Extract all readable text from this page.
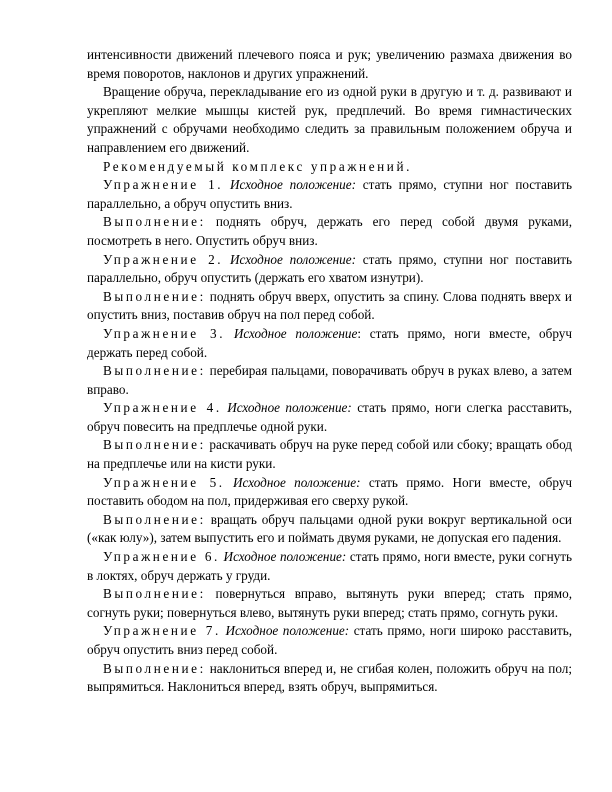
интенсивности движений плечевого пояса и рук; увеличению размаха движения во время поворотов, наклонов и других упражнений.

Вращение обруча, перекладывание его из одной руки в другую и т. д. развивают и укрепляют мелкие мышцы кистей рук, предплечий. Во время гимнастических упражнений с обручами необходимо следить за правильным положением обруча и направлением его движений.

Рекомендуемый комплекс упражнений.

Упражнение 1. Исходное положение: стать прямо, ступни ног поставить параллельно, а обруч опустить вниз.

Выполнение: поднять обруч, держать его перед собой двумя руками, посмотреть в него. Опустить обруч вниз.

Упражнение 2. Исходное положение: стать прямо, ступни ног поставить параллельно, обруч опустить (держать его хватом изнутри).

Выполнение: поднять обруч вверх, опустить за спину. Слова поднять вверх и опустить вниз, поставив обруч на пол перед собой.

Упражнение 3. Исходное положение: стать прямо, ноги вместе, обруч держать перед собой.

Выполнение: перебирая пальцами, поворачивать обруч в руках влево, а затем вправо.

Упражнение 4. Исходное положение: стать прямо, ноги слегка расставить, обруч повесить на предплечье одной руки.

Выполнение: раскачивать обруч на руке перед собой или сбоку; вращать обод на предплечье или на кисти руки.

Упражнение 5. Исходное положение: стать прямо. Ноги вместе, обруч поставить ободом на пол, придерживая его сверху рукой.

Выполнение: вращать обруч пальцами одной руки вокруг вертикальной оси («как юлу»), затем выпустить его и поймать двумя руками, не допуская его падения.

Упражнение 6. Исходное положение: стать прямо, ноги вместе, руки согнуть в локтях, обруч держать у груди.

Выполнение: повернуться вправо, вытянуть руки вперед; стать прямо, согнуть руки; повернуться влево, вытянуть руки вперед; стать прямо, согнуть руки.

Упражнение 7. Исходное положение: стать прямо, ноги широко расставить, обруч опустить вниз перед собой.

Выполнение: наклониться вперед и, не сгибая колен, положить обруч на пол; выпрямиться. Наклониться вперед, взять обруч, выпрямиться.
